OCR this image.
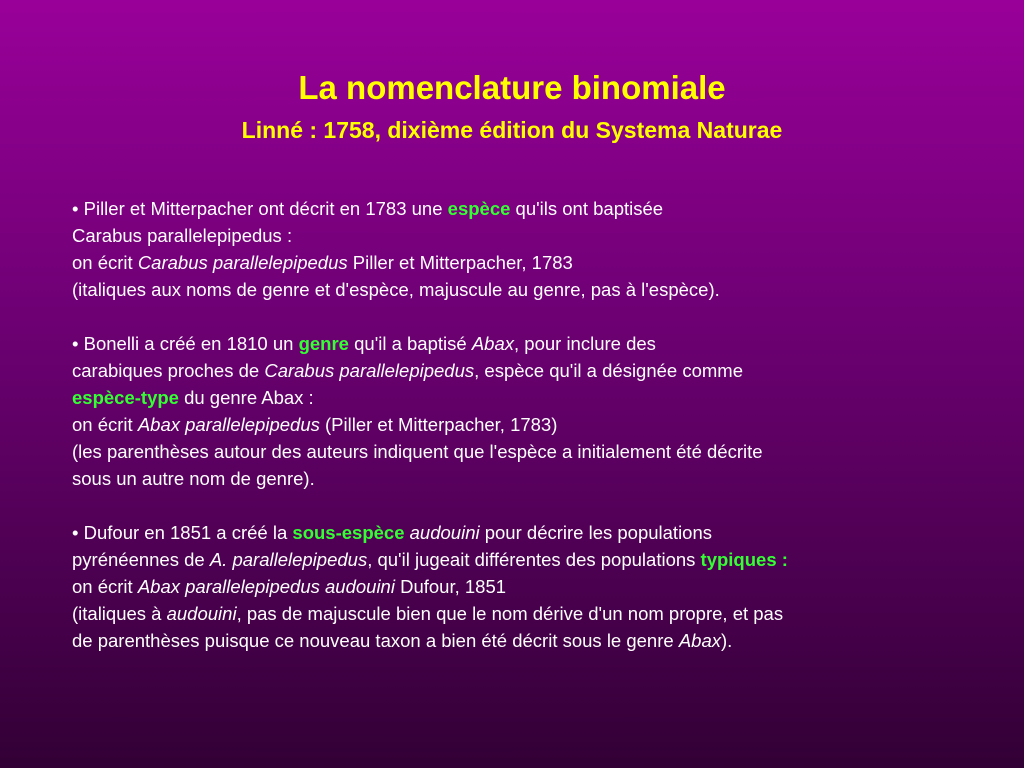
La nomenclature binomiale
Linné : 1758, dixième édition du Systema Naturae
• Piller et Mitterpacher ont décrit en 1783 une espèce qu'ils ont baptisée
Carabus parallelepipedus :
on écrit Carabus parallelepipedus Piller et Mitterpacher, 1783
(italiques aux noms de genre et d'espèce, majuscule au genre, pas à l'espèce).
• Bonelli a créé en 1810 un genre qu'il a baptisé Abax, pour inclure des
carabiques proches de Carabus parallelepipedus, espèce qu'il a désignée comme
espèce-type du genre Abax :
on écrit Abax parallelepipedus (Piller et Mitterpacher, 1783)
(les parenthèses autour des auteurs indiquent que l'espèce a initialement été décrite
sous un autre nom de genre).
• Dufour en 1851 a créé la sous-espèce audouini pour décrire les populations
pyrénéennes de A. parallelepipedus, qu'il jugeait différentes des populations typiques :
on écrit Abax parallelepipedus audouini Dufour, 1851
(italiques à audouini, pas de majuscule bien que le nom dérive d'un nom propre, et pas
de parenthèses puisque ce nouveau taxon a bien été décrit sous le genre Abax).
